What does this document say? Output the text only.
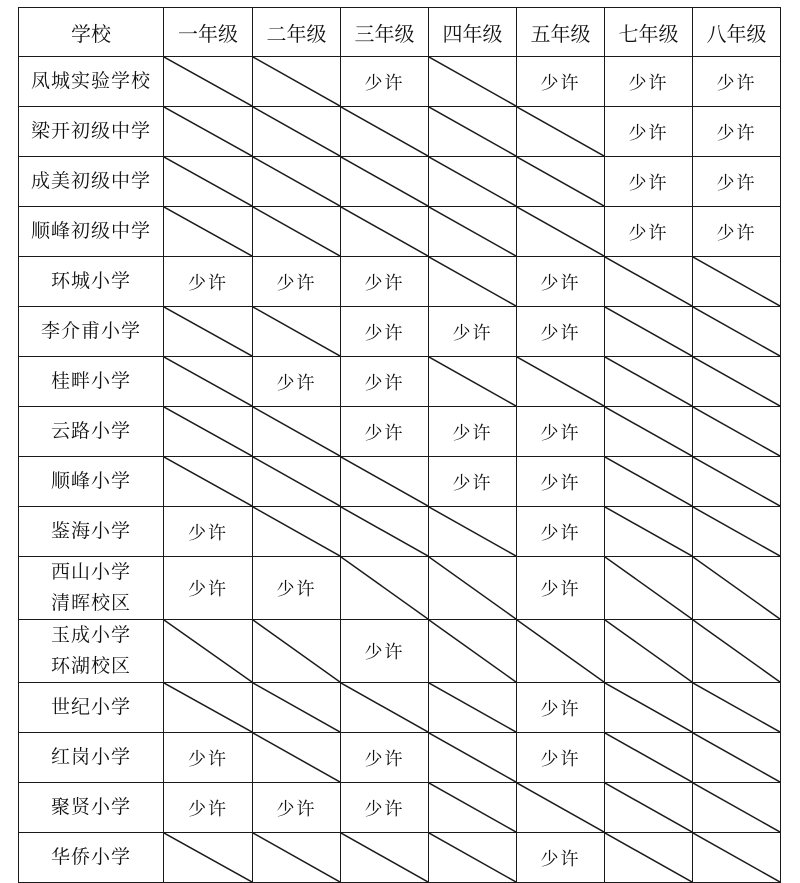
学校	一年级	二年级	三年级	四年级	五年级	七年级	八年级

凤城实验学校			少许		少许	少许	少许

梁开初级中学						少许	少许

成美初级中学						少许	少许

顺峰初级中学						少许	少许

环城小学	少许	少许	少许		少许	

李介甫小学			少许	少许	少许	

桂畔小学		少许	少许	

云路小学			少许	少许	少许	

顺峰小学				少许	少许	

鉴海小学	少许				少许	

西山小学
清晖校区	少许	少许			少许	

玉成小学
环湖校区			少许	

世纪小学					少许	

红岗小学	少许		少许		少许	

聚贤小学	少许	少许	少许	

华侨小学					少许	
